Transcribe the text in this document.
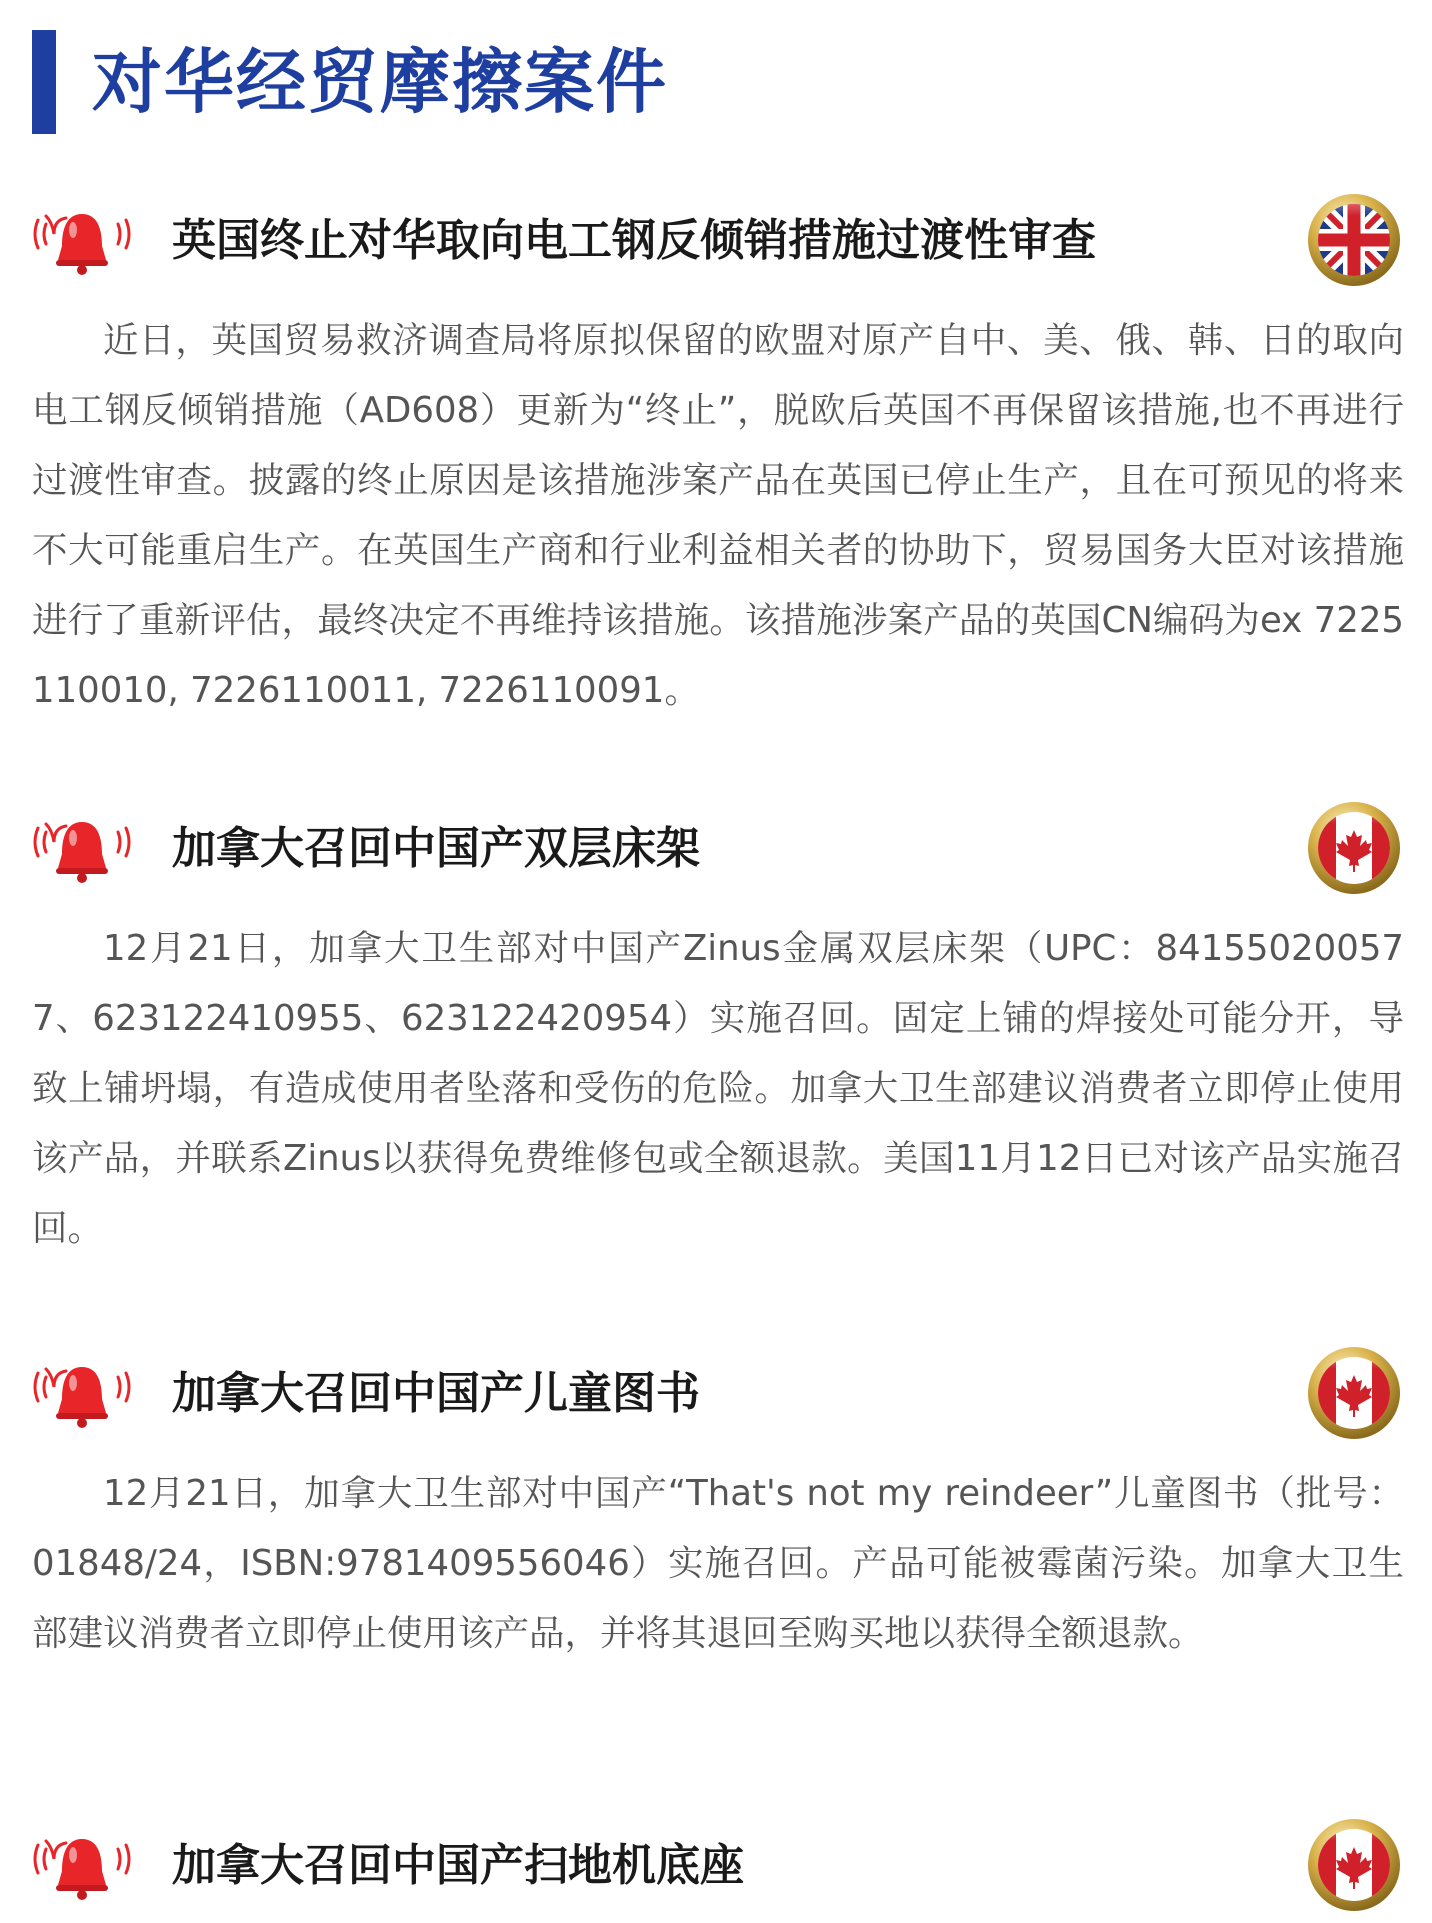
对华经贸摩擦案件
英国终止对华取向电工钢反倾销措施过渡性审查
近日，英国贸易救济调查局将原拟保留的欧盟对原产自中、美、俄、韩、日的取向电工钢反倾销措施（AD608）更新为“终止”，脱欧后英国不再保留该措施,也不再进行过渡性审查。披露的终止原因是该措施涉案产品在英国已停止生产，且在可预见的将来不大可能重启生产。在英国生产商和行业利益相关者的协助下，贸易国务大臣对该措施进行了重新评估，最终决定不再维持该措施。该措施涉案产品的英国CN编码为ex 7225110010, 7226110011, 7226110091。
加拿大召回中国产双层床架
12月21日，加拿大卫生部对中国产Zinus金属双层床架（UPC：841550200577、623122410955、623122420954）实施召回。固定上铺的焊接处可能分开，导致上铺坍塌，有造成使用者坠落和受伤的危险。加拿大卫生部建议消费者立即停止使用该产品，并联系Zinus以获得免费维修包或全额退款。美国11月12日已对该产品实施召回。
加拿大召回中国产儿童图书
12月21日，加拿大卫生部对中国产“That's not my reindeer”儿童图书（批号：01848/24，ISBN:9781409556046）实施召回。产品可能被霉菌污染。加拿大卫生部建议消费者立即停止使用该产品，并将其退回至购买地以获得全额退款。
加拿大召回中国产扫地机底座
